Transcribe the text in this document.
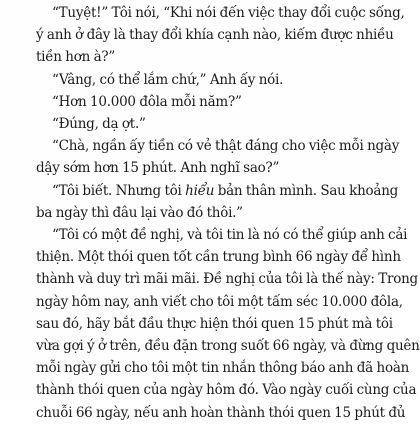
“Tuyệt!” Tôi nói, “Khi nói đến việc thay đổi cuộc sống,
ý anh ở đây là thay đổi khía cạnh nào, kiếm được nhiều
tiền hơn à?”

“Vâng, có thể lắm chứ,” Anh ấy nói.

“Hơn 10.000 đôla mỗi năm?”

“Đúng, dạ ợt.”

“Chà, ngần ấy tiền có vẻ thật đáng cho việc mỗi ngày
dậy sớm hơn 15 phút. Anh nghĩ sao?”

“Tôi biết. Nhưng tôi hiểu bản thân mình. Sau khoảng
ba ngày thì đâu lại vào đó thôi.”

“Tôi có một đề nghị, và tôi tin là nó có thể giúp anh cải
thiện. Một thói quen tốt cần trung bình 66 ngày để hình
thành và duy trì mãi mãi. Đề nghị của tôi là thế này: Trong
ngày hôm nay, anh viết cho tôi một tấm séc 10.000 đôla,
sau đó, hãy bắt đầu thực hiện thói quen 15 phút mà tôi
vừa gợi ý ở trên, đều đặn trong suốt 66 ngày, và đừng quên
mỗi ngày gửi cho tôi một tin nhắn thông báo anh đã hoàn
thành thói quen của ngày hôm đó. Vào ngày cuối cùng của
chuỗi 66 ngày, nếu anh hoàn thành thói quen 15 phút đủ
